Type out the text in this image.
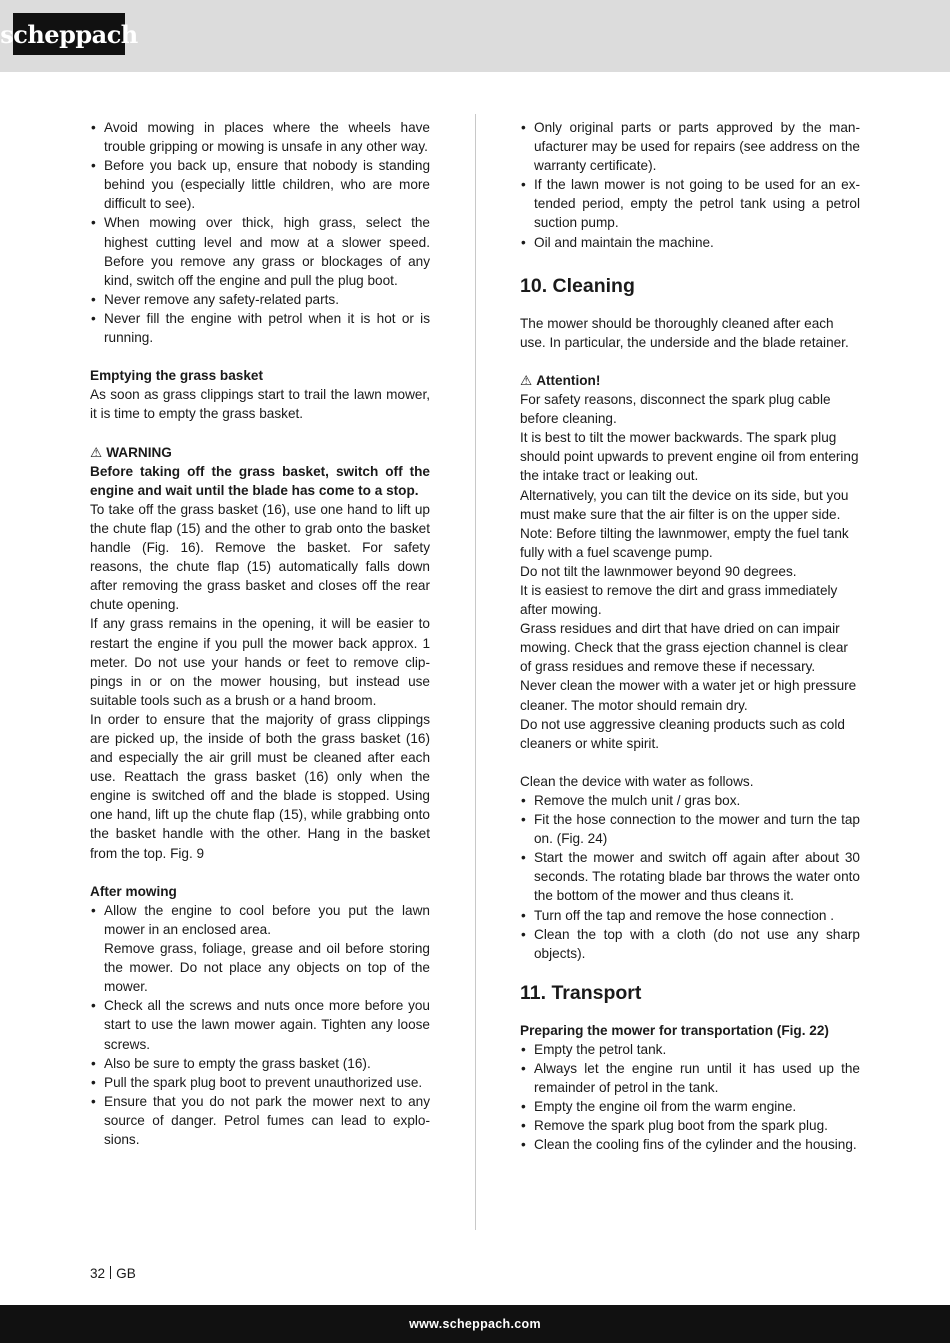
scheppach
• Avoid mowing in places where the wheels have trouble gripping or mowing is unsafe in any other way.
• Before you back up, ensure that nobody is standing behind you (especially little children, who are more difficult to see).
• When mowing over thick, high grass, select the highest cutting level and mow at a slower speed. Before you remove any grass or blockages of any kind, switch off the engine and pull the plug boot.
• Never remove any safety-related parts.
• Never fill the engine with petrol when it is hot or is running.

Emptying the grass basket

As soon as grass clippings start to trail the lawn mower, it is time to empty the grass basket.

⚠ WARNING

Before taking off the grass basket, switch off the engine and wait until the blade has come to a stop.

To take off the grass basket (16), use one hand to lift up the chute flap (15) and the other to grab onto the basket handle (Fig. 16). Remove the basket. For safety reasons, the chute flap (15) automatically falls down after removing the grass basket and closes off the rear chute opening.

If any grass remains in the opening, it will be easier to restart the engine if you pull the mower back approx. 1 meter. Do not use your hands or feet to remove clippings in or on the mower housing, but instead use suitable tools such as a brush or a hand broom.

In order to ensure that the majority of grass clippings are picked up, the inside of both the grass basket (16) and especially the air grill must be cleaned after each use. Reattach the grass basket (16) only when the engine is switched off and the blade is stopped. Using one hand, lift up the chute flap (15), while grabbing onto the basket handle with the other. Hang in the basket from the top. Fig. 9

After mowing

• Allow the engine to cool before you put the lawn mower in an enclosed area.
Remove grass, foliage, grease and oil before storing the mower. Do not place any objects on top of the mower.
• Check all the screws and nuts once more before you start to use the lawn mower again. Tighten any loose screws.
• Also be sure to empty the grass basket (16).
• Pull the spark plug boot to prevent unauthorized use.
• Ensure that you do not park the mower next to any source of danger. Petrol fumes can lead to explosions.
• Only original parts or parts approved by the manufacturer may be used for repairs (see address on the warranty certificate).
• If the lawn mower is not going to be used for an extended period, empty the petrol tank using a petrol suction pump.
• Oil and maintain the machine.
10. Cleaning

The mower should be thoroughly cleaned after each use. In particular, the underside and the blade retainer.

⚠ Attention!

For safety reasons, disconnect the spark plug cable before cleaning.

It is best to tilt the mower backwards. The spark plug should point upwards to prevent engine oil from entering the intake tract or leaking out.

Alternatively, you can tilt the device on its side, but you must make sure that the air filter is on the upper side.

Note: Before tilting the lawnmower, empty the fuel tank fully with a fuel scavenge pump.

Do not tilt the lawnmower beyond 90 degrees.

It is easiest to remove the dirt and grass immediately after mowing.

Grass residues and dirt that have dried on can impair mowing. Check that the grass ejection channel is clear of grass residues and remove these if necessary.

Never clean the mower with a water jet or high pressure cleaner. The motor should remain dry.

Do not use aggressive cleaning products such as cold cleaners or white spirit.

Clean the device with water as follows.

• Remove the mulch unit / gras box.
• Fit the hose connection to the mower and turn the tap on. (Fig. 24)
• Start the mower and switch off again after about 30 seconds. The rotating blade bar throws the water onto the bottom of the mower and thus cleans it.
• Turn off the tap and remove the hose connection .
• Clean the top with a cloth (do not use any sharp objects).
11. Transport

Preparing the mower for transportation (Fig. 22)

• Empty the petrol tank.
• Always let the engine run until it has used up the remainder of petrol in the tank.
• Empty the engine oil from the warm engine.
• Remove the spark plug boot from the spark plug.
• Clean the cooling fins of the cylinder and the housing.
32 GB
www.scheppach.com
